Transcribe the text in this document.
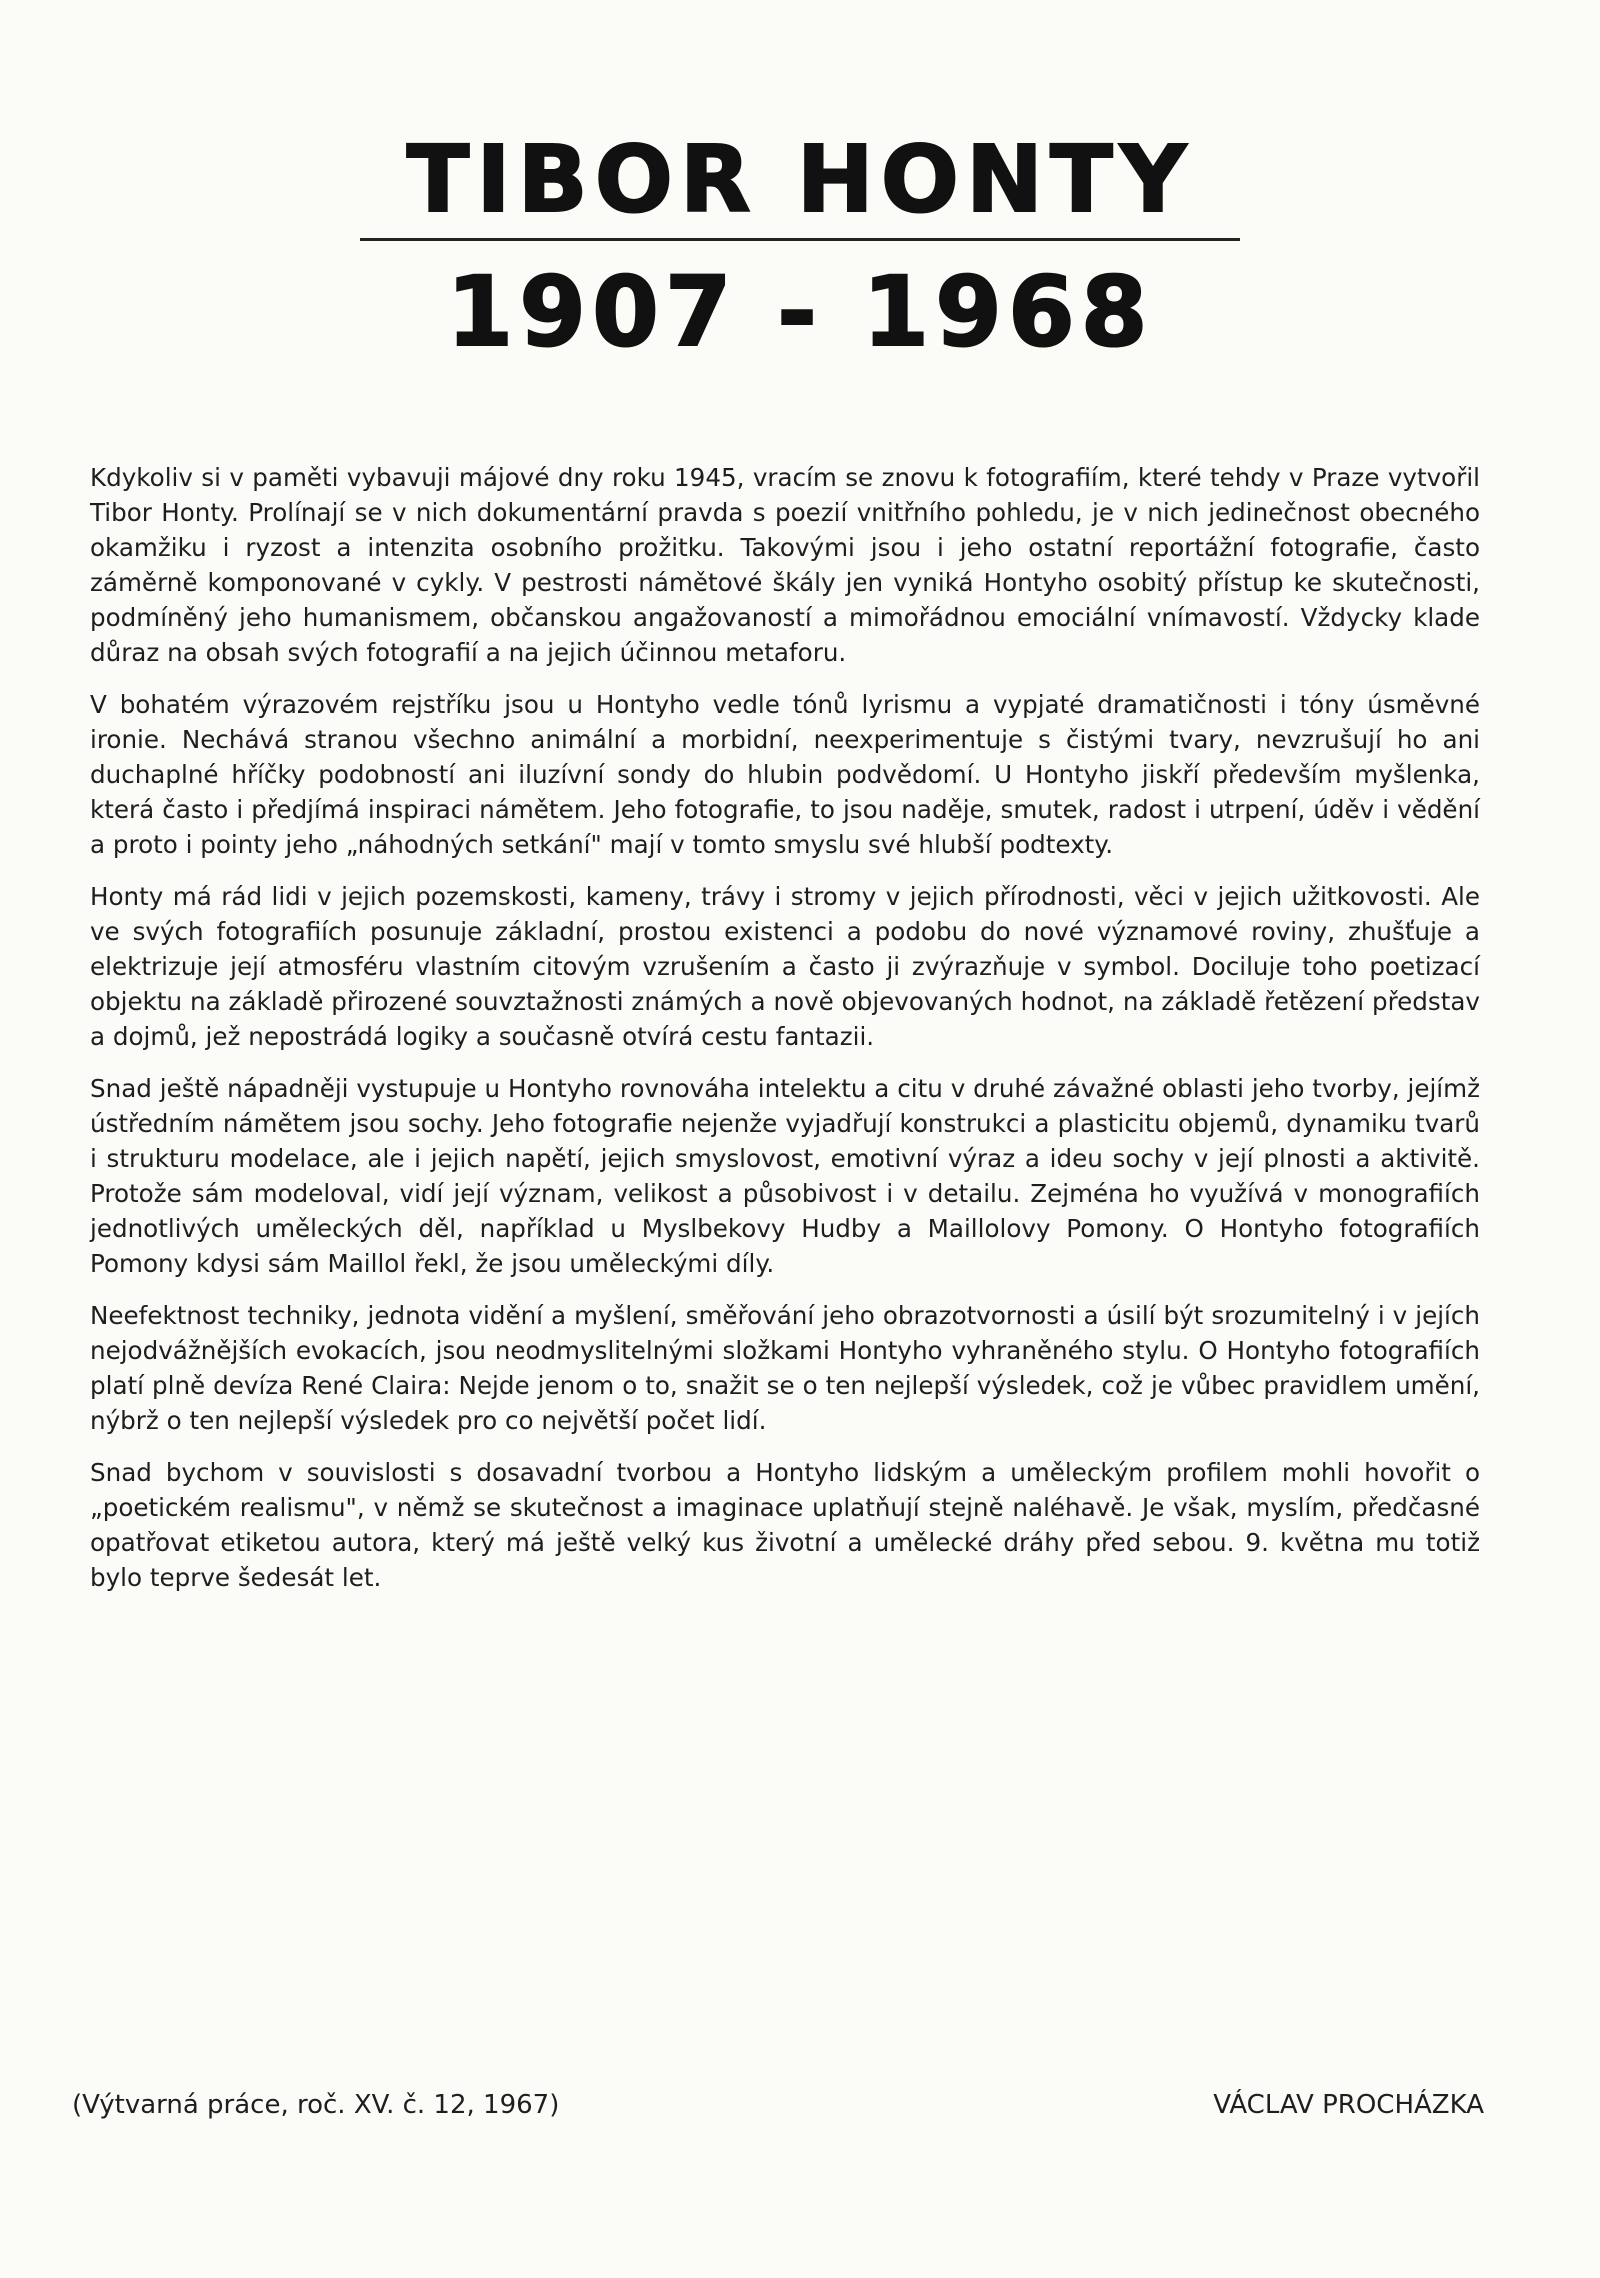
TIBOR HONTY
1907 - 1968

Kdykoliv si v paměti vybavuji májové dny roku 1945, vracím se znovu k fotografiím, které tehdy v Praze vytvořil Tibor Honty. Prolínají se v nich dokumentární pravda s poezií vnitřního pohledu, je v nich jedinečnost obecného okamžiku i ryzost a intenzita osobního prožitku. Takovými jsou i jeho ostatní reportážní fotografie, často záměrně komponované v cykly. V pestrosti námětové škály jen vyniká Hontyho osobitý přístup ke skutečnosti, podmíněný jeho humanismem, občanskou angažovaností a mimořádnou emociální vnímavostí. Vždycky klade důraz na obsah svých fotografií a na jejich účinnou metaforu.

V bohatém výrazovém rejstříku jsou u Hontyho vedle tónů lyrismu a vypjaté dramatičnosti i tóny úsměvné ironie. Nechává stranou všechno animální a morbidní, neexperimentuje s čistými tvary, nevzrušují ho ani duchaplné hříčky podobností ani iluzívní sondy do hlubin podvědomí. U Hontyho jiskří především myšlenka, která často i předjímá inspiraci námětem. Jeho fotografie, to jsou naděje, smutek, radost i utrpení, úděv i vědění a proto i pointy jeho „náhodných setkání" mají v tomto smyslu své hlubší podtexty.

Honty má rád lidi v jejich pozemskosti, kameny, trávy i stromy v jejich přírodnosti, věci v jejich užitkovosti. Ale ve svých fotografiích posunuje základní, prostou existenci a podobu do nové významové roviny, zhušťuje a elektrizuje její atmosféru vlastním citovým vzrušením a často ji zvýrazňuje v symbol. Dociluje toho poetizací objektu na základě přirozené souvztažnosti známých a nově objevovaných hodnot, na základě řetězení představ a dojmů, jež nepostrádá logiky a současně otvírá cestu fantazii.

Snad ještě nápadněji vystupuje u Hontyho rovnováha intelektu a citu v druhé závažné oblasti jeho tvorby, jejímž ústředním námětem jsou sochy. Jeho fotografie nejenže vyjadřují konstrukci a plasticitu objemů, dynamiku tvarů i strukturu modelace, ale i jejich napětí, jejich smyslovost, emotivní výraz a ideu sochy v její plnosti a aktivitě. Protože sám modeloval, vidí její význam, velikost a působivost i v detailu. Zejména ho využívá v monografiích jednotlivých uměleckých děl, například u Myslbekovy Hudby a Maillolovy Pomony. O Hontyho fotografiích Pomony kdysi sám Maillol řekl, že jsou uměleckými díly.

Neefektnost techniky, jednota vidění a myšlení, směřování jeho obrazotvornosti a úsilí být srozumitelný i v jejích nejodvážnějších evokacích, jsou neodmyslitelnými složkami Hontyho vyhraněného stylu. O Hontyho fotografiích platí plně devíza René Claira: Nejde jenom o to, snažit se o ten nejlepší výsledek, což je vůbec pravidlem umění, nýbrž o ten nejlepší výsledek pro co největší počet lidí.

Snad bychom v souvislosti s dosavadní tvorbou a Hontyho lidským a uměleckým profilem mohli hovořit o „poetickém realismu", v němž se skutečnost a imaginace uplatňují stejně naléhavě. Je však, myslím, předčasné opatřovat etiketou autora, který má ještě velký kus životní a umělecké dráhy před sebou. 9. května mu totiž bylo teprve šedesát let.

(Výtvarná práce, roč. XV. č. 12, 1967)	VÁCLAV PROCHÁZKA
